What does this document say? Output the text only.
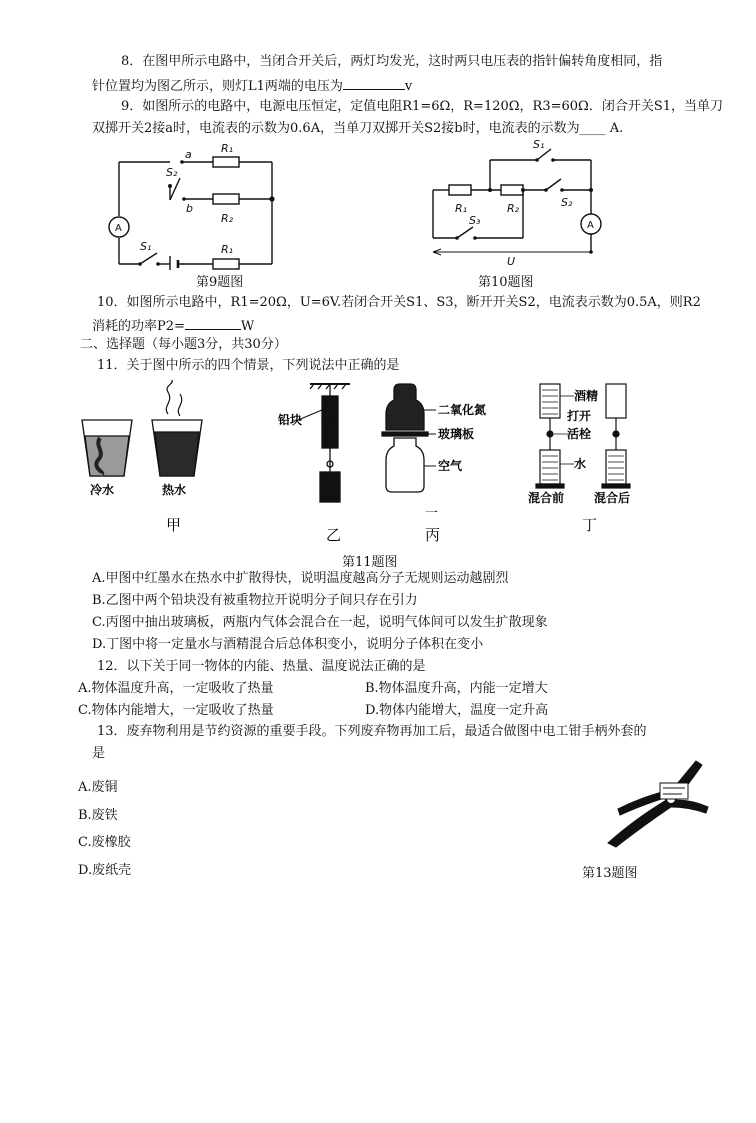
8．在图甲所示电路中，当闭合开关后，两灯均发光，这时两只电压表的指针偏转角度相同，指
针位置均为图乙所示，则灯L1两端的电压为	v
9．如图所示的电路中，电源电压恒定，定值电阻R1=6Ω，R=120Ω，R3=60Ω．闭合开关S1，当单刀
双掷开关2接a时，电流表的示数为0.6A，当单刀双掷开关S2接b时，电流表的示数为____ A.
R₁
R₂
R₁
S₂
S₁
a
b
A
第9题图
S₁
R₁	R₂	S₂
S₃
U
A
第10题图
10．如图所示电路中，R1=20Ω，U=6V.若闭合开关S1、S3，断开开关S2，电流表示数为0.5A，则R2
消耗的功率P2=	W
二、选择题（每小题3分，共30分）
11．关于图中所示的四个情景，下列说法中正确的是
冷水	热水
甲
铅块
乙
二氧化氮
玻璃板
空气
一
丙
酒精
打开
活栓
水
混合前 混合后
丁
第11题图
A.甲图中红墨水在热水中扩散得快，说明温度越高分子无规则运动越剧烈
B.乙图中两个铅块没有被重物拉开说明分子间只存在引力
C.丙图中抽出玻璃板，两瓶内气体会混合在一起，说明气体间可以发生扩散现象
D.丁图中将一定量水与酒精混合后总体积变小，说明分子体积在变小
12．以下关于同一物体的内能、热量、温度说法正确的是
A.物体温度升高，一定吸收了热量	B.物体温度升高，内能一定增大
C.物体内能增大，一定吸收了热量	D.物体内能增大，温度一定升高
13．废弃物利用是节约资源的重要手段。下列废弃物再加工后，最适合做图中电工钳手柄外套的
是
A.废铜
B.废铁
C.废橡胶
D.废纸壳	第13题图
